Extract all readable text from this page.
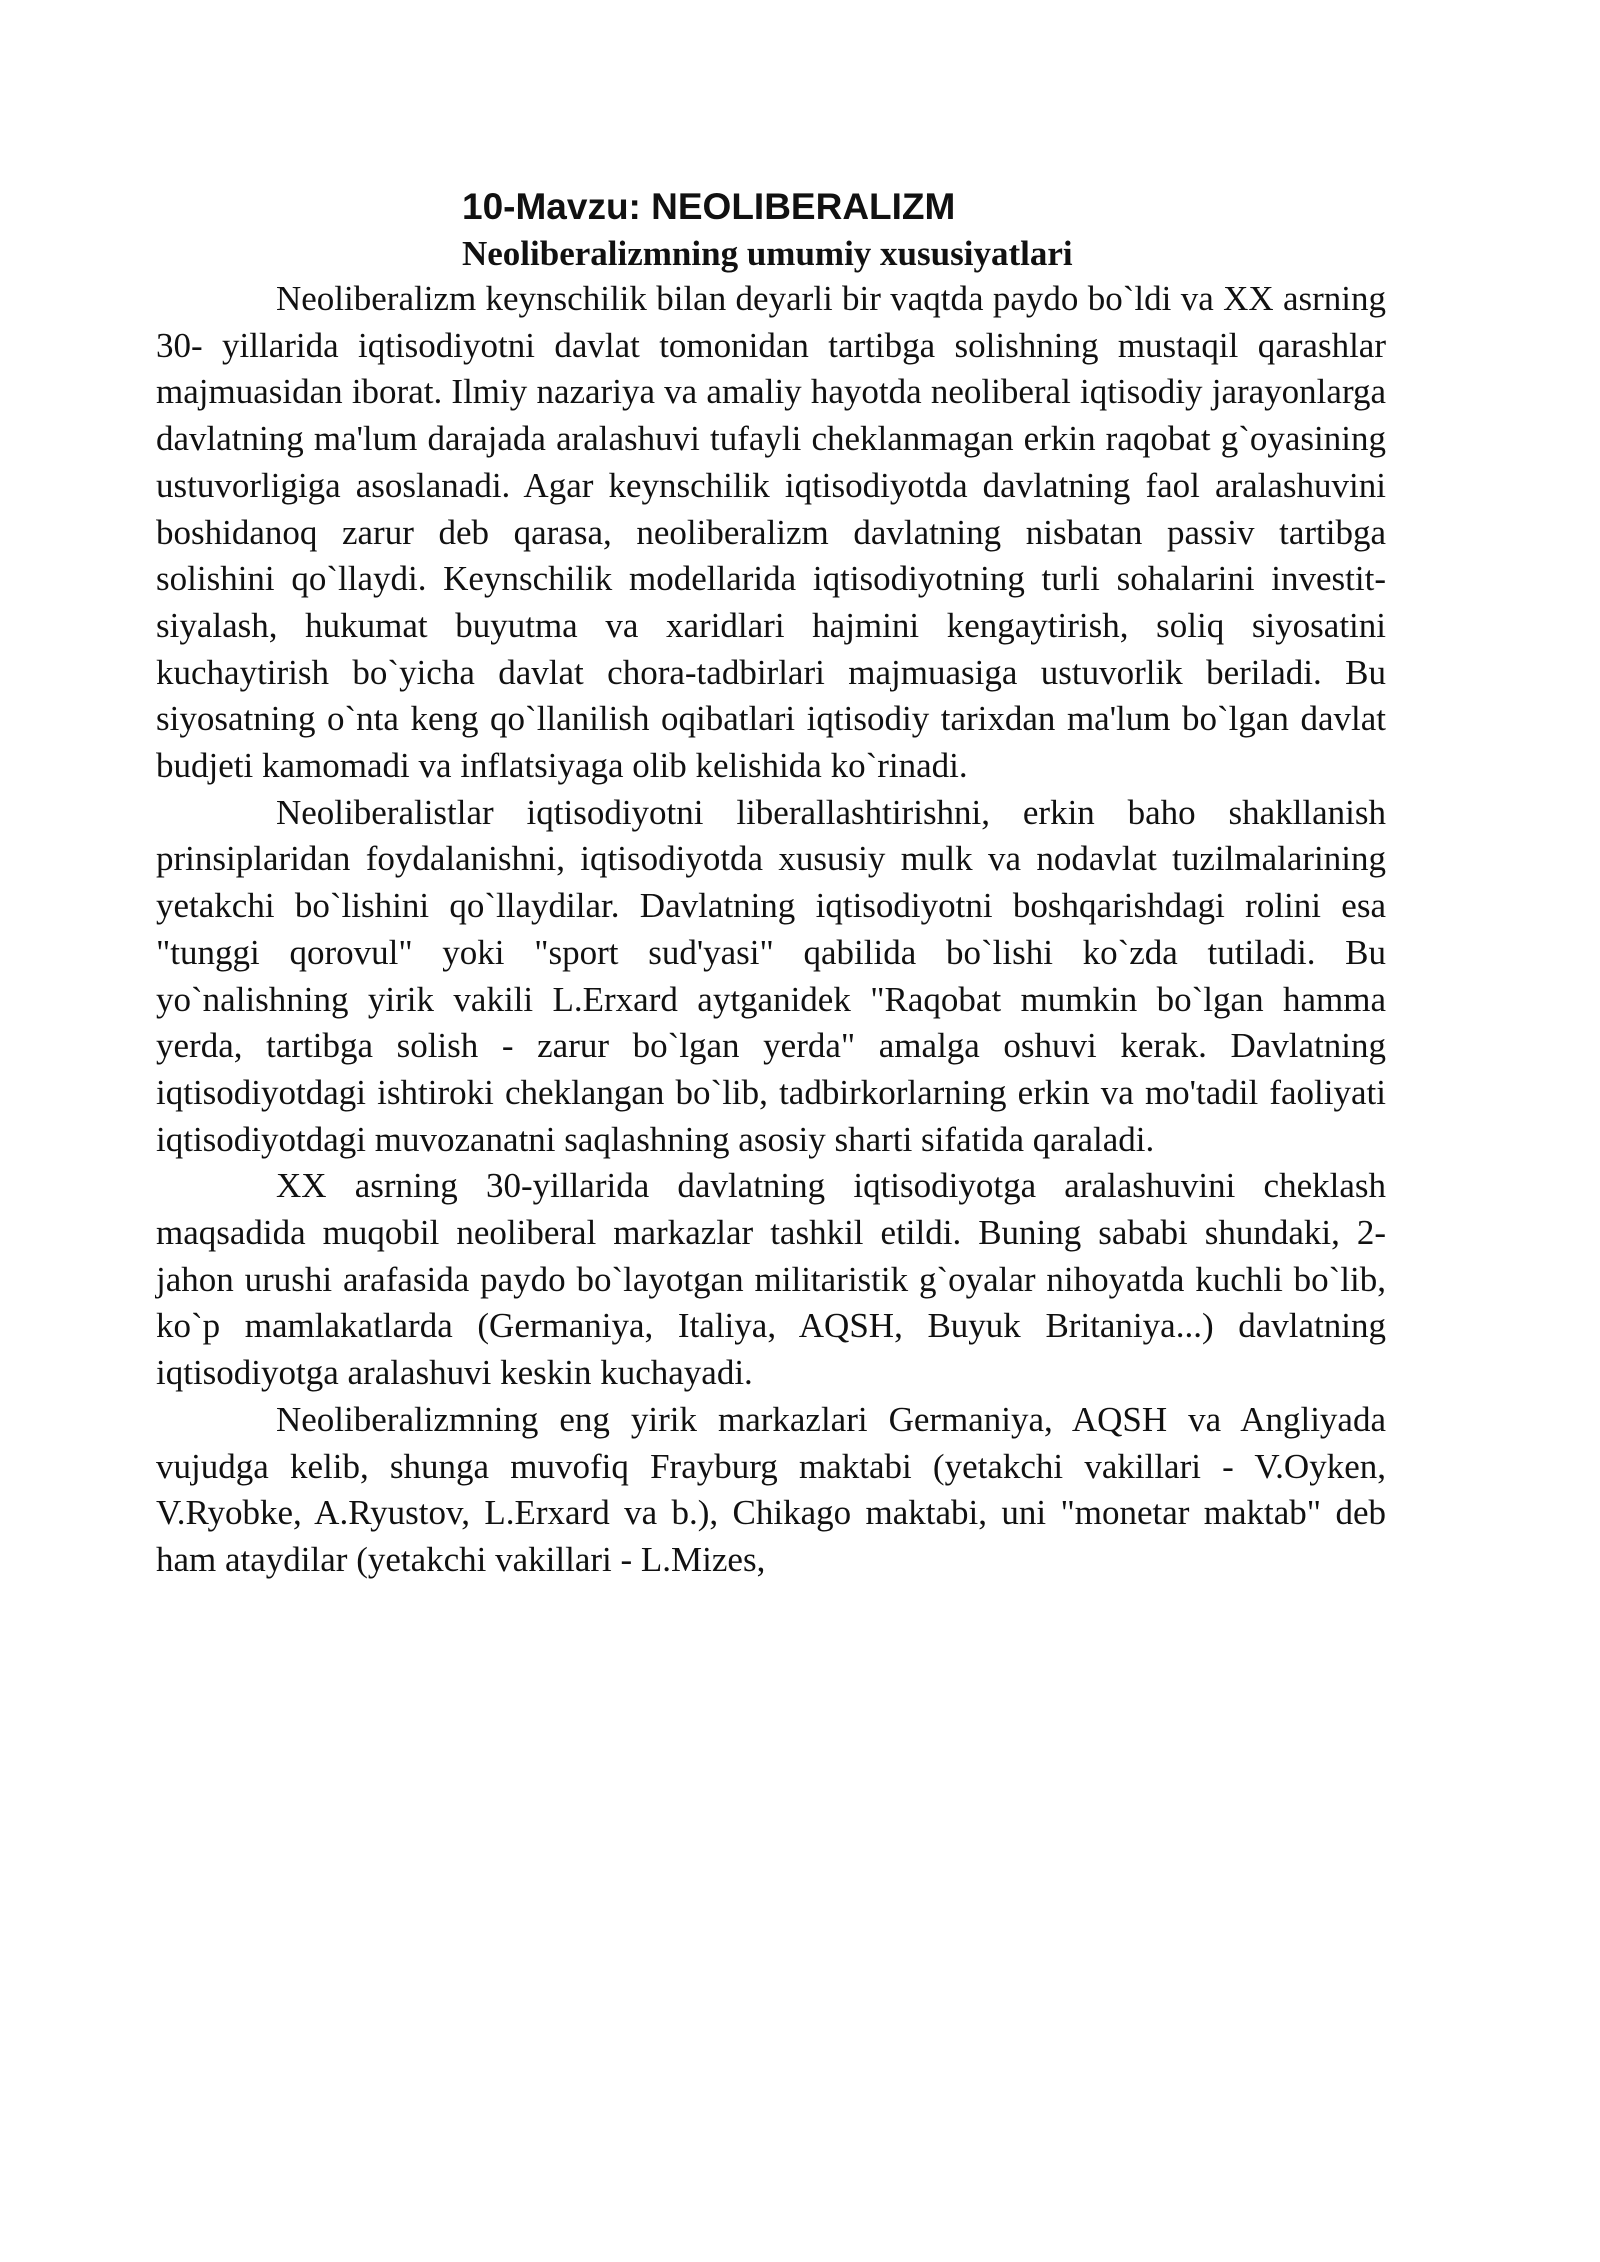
10-Mavzu: NEOLIBERALIZM
Neoliberalizmning umumiy xususiyatlari

Neoliberalizm keynschilik bilan deyarli bir vaqtda paydo bo`ldi va XX asrning 30- yillarida iqtisodiyotni davlat tomonidan tartibga solishning mustaqil qarashlar majmuasidan iborat. Ilmiy nazariya va amaliy hayotda neoliberal iqtisodiy jarayonlarga davlatning ma'lum darajada aralashuvi tufayli cheklanmagan erkin raqobat g`oyasining ustuvorligiga asoslanadi. Agar keynschilik iqtisodiyotda davlatning faol aralashuvini boshidanoq zarur deb qarasa, neoliberalizm davlatning nisbatan passiv tartibga solishini qo`llaydi. Keynschilik modellarida iqtisodiyotning turli sohalarini investitsiyalash, hukumat buyutma va xaridlari hajmini kengaytirish, soliq siyosatini kuchaytirish bo`yicha davlat chora-tadbirlari majmuasiga ustuvorlik beriladi. Bu siyosatning o`nta keng qo`llanilish oqibatlari iqtisodiy tarixdan ma'lum bo`lgan davlat budjeti kamomadi va inflatsiyaga olib kelishida ko`rinadi.

Neoliberalistlar iqtisodiyotni liberallashtirishni, erkin baho shakllanish prinsiplaridan foydalanishni, iqtisodiyotda xususiy mulk va nodavlat tuzilmalarining yetakchi bo`lishini qo`llaydilar. Davlatning iqtisodiyotni boshqarishdagi rolini esa "tunggi qorovul" yoki "sport sud'yasi" qabilida bo`lishi ko`zda tutiladi. Bu yo`nalishning yirik vakili L.Erxard aytganidek "Raqobat mumkin bo`lgan hamma yerda, tartibga solish - zarur bo`lgan yerda" amalga oshuvi kerak. Davlatning iqtisodiyotdagi ishtiroki cheklangan bo`lib, tadbirkorlarning erkin va mo'tadil faoliyati iqtisodiyotdagi muvozanatni saqlashning asosiy sharti sifatida qaraladi.

XX asrning 30-yillarida davlatning iqtisodiyotga aralashuvini cheklash maqsadida muqobil neoliberal markazlar tashkil etildi. Buning sababi shundaki, 2-jahon urushi arafasida paydo bo`layotgan militaristik g`oyalar nihoyatda kuchli bo`lib, ko`p mamlakatlarda (Germaniya, Italiya, AQSH, Buyuk Britaniya...) davlatning iqtisodiyotga aralashuvi keskin kuchayadi.

Neoliberalizmning eng yirik markazlari Germaniya, AQSH va Angliyada vujudga kelib, shunga muvofiq Frayburg maktabi (yetakchi vakillari - V.Oyken, V.Ryobke, A.Ryustov, L.Erxard va b.), Chikago maktabi, uni "monetar maktab" deb ham ataydilar (yetakchi vakillari - L.Mizes,
